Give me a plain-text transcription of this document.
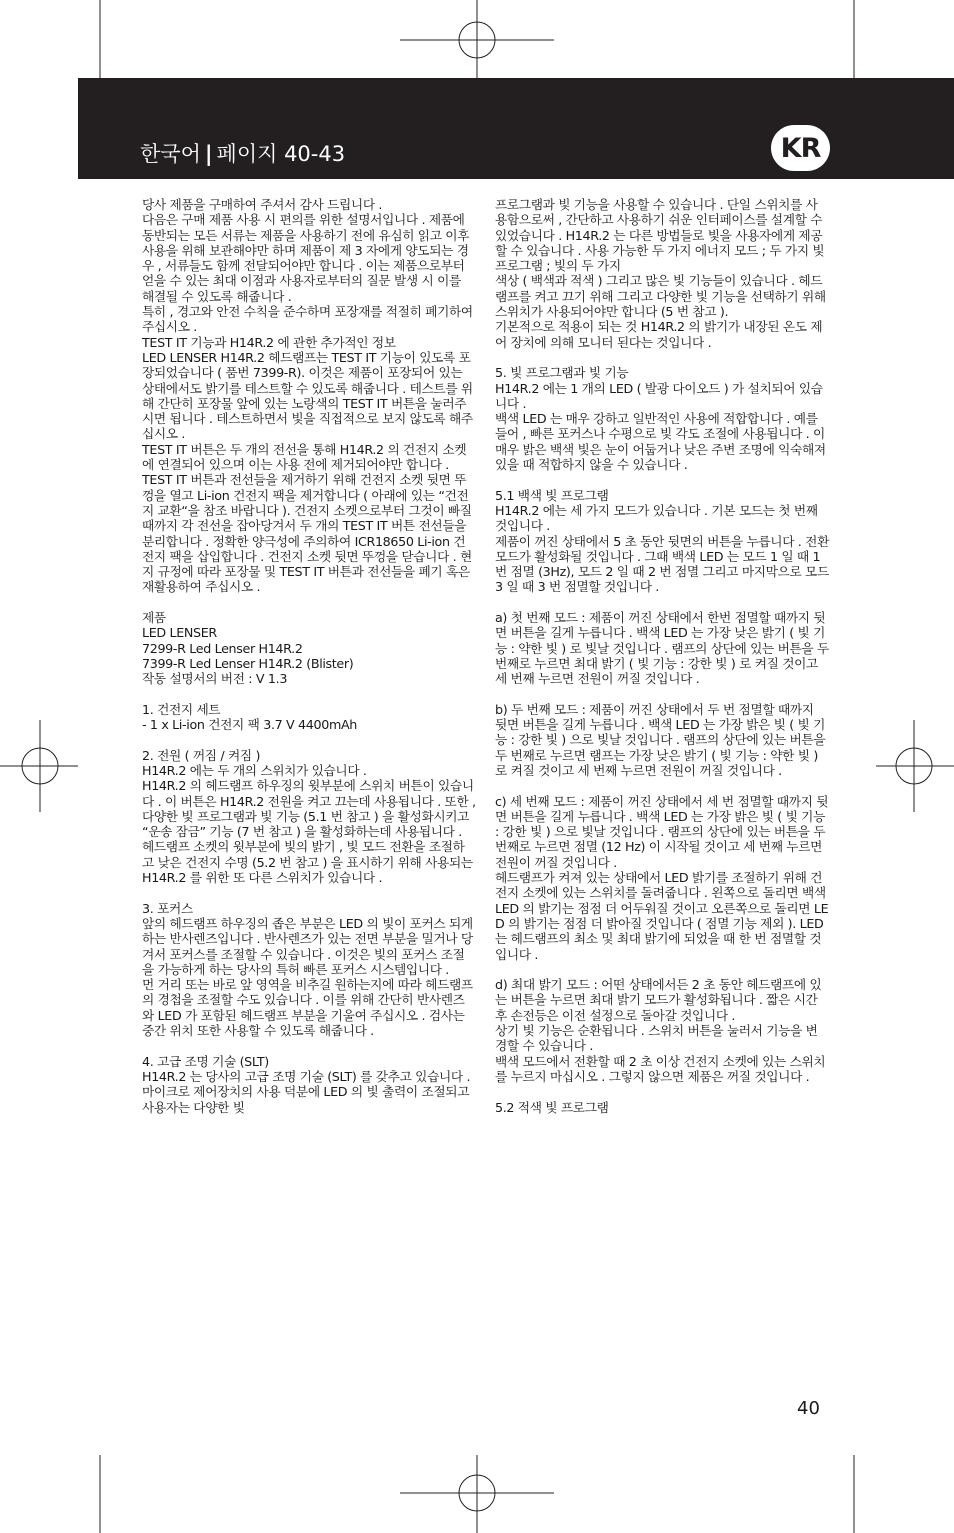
한국어 | 페이지 40-43	KR

당사 제품을 구매하여 주셔서 감사 드립니다 .
다음은 구매 제품 사용 시 편의를 위한 설명서입니다 . 제품에 동반되는 모든 서류는 제품을 사용하기 전에 유심히 읽고 이후 사용을 위해 보관해야만 하며 제품이 제 3 자에게 양도되는 경우 , 서류들도 함께 전달되어야만 합니다 . 이는 제품으로부터 얻을 수 있는 최대 이점과 사용자로부터의 질문 발생 시 이를 해결될 수 있도록 해줍니다 .
특히 , 경고와 안전 수칙을 준수하며 포장재를 적절히 폐기하여 주십시오 .
TEST IT 기능과 H14R.2 에 관한 추가적인 정보
LED LENSER H14R.2 헤드램프는 TEST IT 기능이 있도록 포장되었습니다 ( 품번 7399-R). 이것은 제품이 포장되어 있는 상태에서도 밝기를 테스트할 수 있도록 해줍니다 . 테스트를 위해 간단히 포장물 앞에 있는 노랑색의 TEST IT 버튼을 눌러주시면 됩니다 . 테스트하면서 빛을 직접적으로 보지 않도록 해주십시오 .
TEST IT 버튼은 두 개의 전선을 통해 H14R.2 의 건전지 소켓에 연결되어 있으며 이는 사용 전에 제거되어야만 합니다 .
TEST IT 버튼과 전선들을 제거하기 위해 건전지 소켓 뒷면 뚜껑을 열고 Li-ion 건전지 팩을 제거합니다 ( 아래에 있는 “건전지 교환“을 참조 바랍니다 ). 건전지 소켓으로부터 그것이 빠질 때까지 각 전선을 잡아당겨서 두 개의 TEST IT 버튼 전선들을 분리합니다 . 정확한 양극성에 주의하여 ICR18650 Li-ion 건전지 팩을 삽입합니다 . 건전지 소켓 뒷면 뚜껑을 닫습니다 . 현지 규정에 따라 포장물 및 TEST IT 버튼과 전선들을 폐기 혹은 재활용하여 주십시오 .

제품
LED LENSER
7299-R Led Lenser H14R.2
7399-R Led Lenser H14R.2 (Blister)
작동 설명서의 버전 : V 1.3

1. 건전지 세트
- 1 x Li-ion 건전지 팩 3.7 V 4400mAh

2. 전원 ( 꺼짐 / 켜짐 )
H14R.2 에는 두 개의 스위치가 있습니다 .
H14R.2 의 헤드램프 하우징의 윗부분에 스위치 버튼이 있습니다 . 이 버튼은 H14R.2 전원을 켜고 끄는데 사용됩니다 . 또한 , 다양한 빛 프로그램과 빛 기능 (5.1 번 참고 ) 을 활성화시키고 “운송 잠금” 기능 (7 번 참고 ) 을 활성화하는데 사용됩니다 .
헤드램프 소켓의 윗부분에 빛의 밝기 , 빛 모드 전환을 조절하고 낮은 건전지 수명 (5.2 번 참고 ) 을 표시하기 위해 사용되는 H14R.2 를 위한 또 다른 스위치가 있습니다 .

3. 포커스
앞의 헤드램프 하우징의 좁은 부분은 LED 의 빛이 포커스 되게 하는 반사렌즈입니다 . 반사렌즈가 있는 전면 부분을 밀거나 당겨서 포커스를 조절할 수 있습니다 . 이것은 빛의 포커스 조절을 가능하게 하는 당사의 특허 빠른 포커스 시스템입니다 .
먼 거리 또는 바로 앞 영역을 비추길 원하는지에 따라 헤드램프의 경첩을 조절할 수도 있습니다 . 이를 위해 간단히 반사렌즈와 LED 가 포함된 헤드램프 부분을 기울여 주십시오 . 검사는 중간 위치 또한 사용할 수 있도록 해줍니다 .

4. 고급 조명 기술 (SLT)
H14R.2 는 당사의 고급 조명 기술 (SLT) 를 갖추고 있습니다 . 마이크로 제어장치의 사용 덕분에 LED 의 빛 출력이 조절되고 사용자는 다양한 빛

프로그램과 빛 기능을 사용할 수 있습니다 . 단일 스위치를 사용함으로써 , 간단하고 사용하기 쉬운 인터페이스를 설계할 수 있었습니다 . H14R.2 는 다른 방법들로 빛을 사용자에게 제공할 수 있습니다 . 사용 가능한 두 가지 에너지 모드 ; 두 가지 빛 프로그램 ; 빛의 두 가지
색상 ( 백색과 적색 ) 그리고 많은 빛 기능들이 있습니다 . 헤드램프를 켜고 끄기 위해 그리고 다양한 빛 기능을 선택하기 위해 스위치가 사용되어야만 합니다 (5 번 참고 ).
기본적으로 적용이 되는 것 H14R.2 의 밝기가 내장된 온도 제어 장치에 의해 모니터 된다는 것입니다 .

5. 빛 프로그램과 빛 기능
H14R.2 에는 1 개의 LED ( 발광 다이오드 ) 가 설치되어 있습니다 .
백색 LED 는 매우 강하고 일반적인 사용에 적합합니다 . 예를 들어 , 빠른 포커스나 수평으로 빛 각도 조절에 사용됩니다 . 이 매우 밝은 백색 빛은 눈이 어둡거나 낮은 주변 조명에 익숙해져 있을 때 적합하지 않을 수 있습니다 .

5.1 백색 빛 프로그램
H14R.2 에는 세 가지 모드가 있습니다 . 기본 모드는 첫 번째 것입니다 .
제품이 꺼진 상태에서 5 초 동안 뒷면의 버튼을 누릅니다 . 전환 모드가 활성화될 것입니다 . 그때 백색 LED 는 모드 1 일 때 1 번 점멸 (3Hz), 모드 2 일 때 2 번 점멸 그리고 마지막으로 모드 3 일 때 3 번 점멸할 것입니다 .

a) 첫 번째 모드 : 제품이 꺼진 상태에서 한번 점멸할 때까지 뒷면 버튼을 길게 누릅니다 . 백색 LED 는 가장 낮은 밝기 ( 빛 기능 : 약한 빛 ) 로 빛날 것입니다 . 램프의 상단에 있는 버튼을 두 번째로 누르면 최대 밝기 ( 빛 기능 : 강한 빛 ) 로 켜질 것이고 세 번째 누르면 전원이 꺼질 것입니다 .

b) 두 번째 모드 : 제품이 꺼진 상태에서 두 번 점멸할 때까지 뒷면 버튼을 길게 누릅니다 . 백색 LED 는 가장 밝은 빛 ( 빛 기능 : 강한 빛 ) 으로 빛날 것입니다 . 램프의 상단에 있는 버튼을 두 번째로 누르면 램프는 가장 낮은 밝기 ( 빛 기능 : 약한 빛 ) 로 켜질 것이고 세 번째 누르면 전원이 꺼질 것입니다 .

c) 세 번째 모드 : 제품이 꺼진 상태에서 세 번 점멸할 때까지 뒷면 버튼을 길게 누릅니다 . 백색 LED 는 가장 밝은 빛 ( 빛 기능 : 강한 빛 ) 으로 빛날 것입니다 . 램프의 상단에 있는 버튼을 두 번째로 누르면 점멸 (12 Hz) 이 시작될 것이고 세 번째 누르면 전원이 꺼질 것입니다 .
헤드램프가 켜져 있는 상태에서 LED 밝기를 조절하기 위해 건전지 소켓에 있는 스위치를 돌려줍니다 . 왼쪽으로 돌리면 백색 LED 의 밝기는 점점 더 어두워질 것이고 오른쪽으로 돌리면 LED 의 밝기는 점점 더 밝아질 것입니다 ( 점멸 기능 제외 ). LED 는 헤드램프의 최소 및 최대 밝기에 되었을 때 한 번 점멸할 것입니다 .

d) 최대 밝기 모드 : 어떤 상태에서든 2 초 동안 헤드램프에 있는 버튼을 누르면 최대 밝기 모드가 활성화됩니다 . 짧은 시간 후 손전등은 이전 설정으로 돌아갈 것입니다 .
상기 빛 기능은 순환됩니다 . 스위치 버튼을 눌러서 기능을 변경할 수 있습니다 .
백색 모드에서 전환할 때 2 초 이상 건전지 소켓에 있는 스위치를 누르지 마십시오 . 그렇지 않으면 제품은 꺼질 것입니다 .

5.2 적색 빛 프로그램

40
